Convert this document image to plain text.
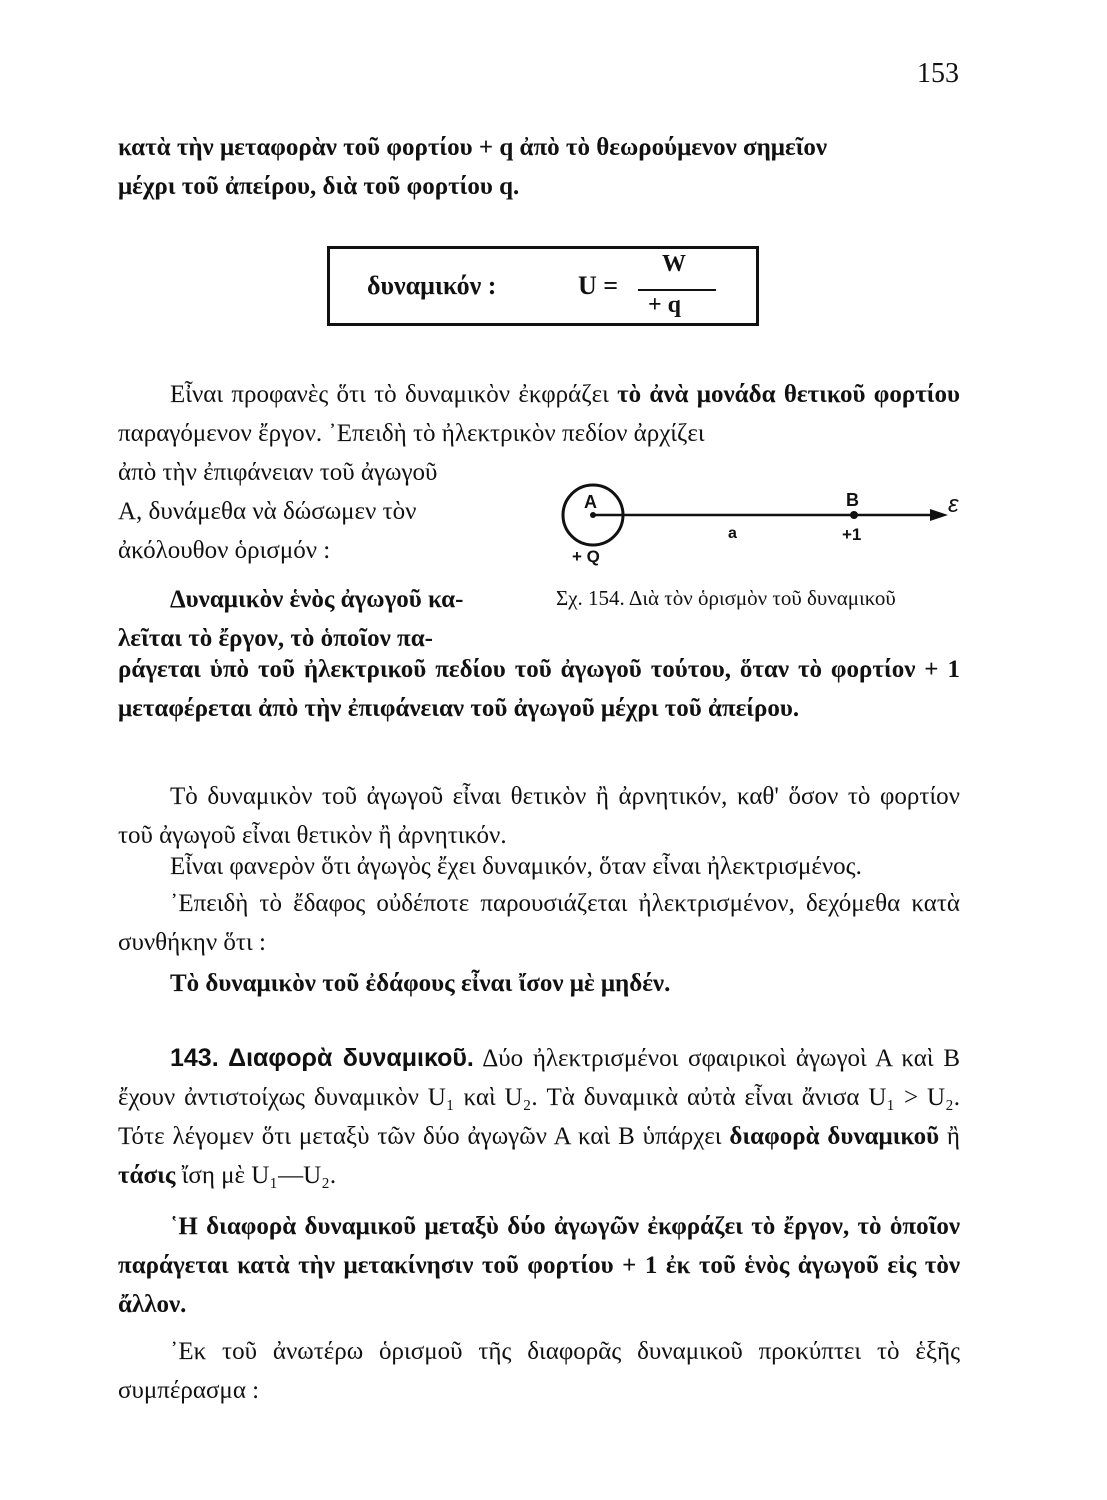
153
κατὰ τὴν μεταφορὰν τοῦ φορτίου + q ἀπὸ τὸ θεωρούμενον σημεῖον
μέχρι τοῦ ἀπείρου, διὰ τοῦ φορτίου q.
δυναμικόν :	U =
W
+ q
Εἶναι προφανὲς ὅτι τὸ δυναμικὸν ἐκφράζει τὸ ἀνὰ μονάδα θετικοῦ φορτίου παραγόμενον ἔργον. ᾿Επειδὴ τὸ ἠλεκτρικὸν πεδίον ἀρχίζει
ἀπὸ τὴν ἐπιφάνειαν τοῦ ἀγωγοῦ
Α, δυνάμεθα νὰ δώσωμεν τὸν
ἀκόλουθον ὁρισμόν :
Α	Β	ε
a	+1
+ Q
Σχ. 154. Διὰ τὸν ὁρισμὸν τοῦ δυναμικοῦ
Δυναμικὸν ἑνὸς ἀγωγοῦ κα-
λεῖται τὸ ἔργον, τὸ ὁποῖον πα-
ράγεται ὑπὸ τοῦ ἠλεκτρικοῦ πεδίου τοῦ ἀγωγοῦ τούτου, ὅταν τὸ φορτίον + 1 μεταφέρεται ἀπὸ τὴν ἐπιφάνειαν τοῦ ἀγωγοῦ μέχρι τοῦ ἀπείρου.
Τὸ δυναμικὸν τοῦ ἀγωγοῦ εἶναι θετικὸν ἢ ἀρνητικόν, καθ' ὅσον τὸ φορτίον τοῦ ἀγωγοῦ εἶναι θετικὸν ἢ ἀρνητικόν.
Εἶναι φανερὸν ὅτι ἀγωγὸς ἔχει δυναμικόν, ὅταν εἶναι ἠλεκτρισμένος.
᾿Επειδὴ τὸ ἔδαφος οὐδέποτε παρουσιάζεται ἠλεκτρισμένον, δεχόμεθα κατὰ συνθήκην ὅτι :
Τὸ δυναμικὸν τοῦ ἐδάφους εἶναι ἴσον μὲ μηδέν.
143. Διαφορὰ δυναμικοῦ. Δύο ἠλεκτρισμένοι σφαιρικοὶ ἀγωγοὶ Α καὶ Β ἔχουν ἀντιστοίχως δυναμικὸν U₁ καὶ U₂. Τὰ δυναμικὰ αὐτὰ εἶναι ἄνισα U₁ > U₂. Τότε λέγομεν ὅτι μεταξὺ τῶν δύο ἀγωγῶν Α καὶ Β ὑπάρχει διαφορὰ δυναμικοῦ ἢ τάσις ἴση μὲ U₁—U₂.
῾Η διαφορὰ δυναμικοῦ μεταξὺ δύο ἀγωγῶν ἐκφράζει τὸ ἔργον, τὸ ὁποῖον παράγεται κατὰ τὴν μετακίνησιν τοῦ φορτίου + 1 ἐκ τοῦ ἑνὸς ἀγωγοῦ εἰς τὸν ἄλλον.
᾿Εκ τοῦ ἀνωτέρω ὁρισμοῦ τῆς διαφορᾶς δυναμικοῦ προκύπτει τὸ ἑξῆς συμπέρασμα :
